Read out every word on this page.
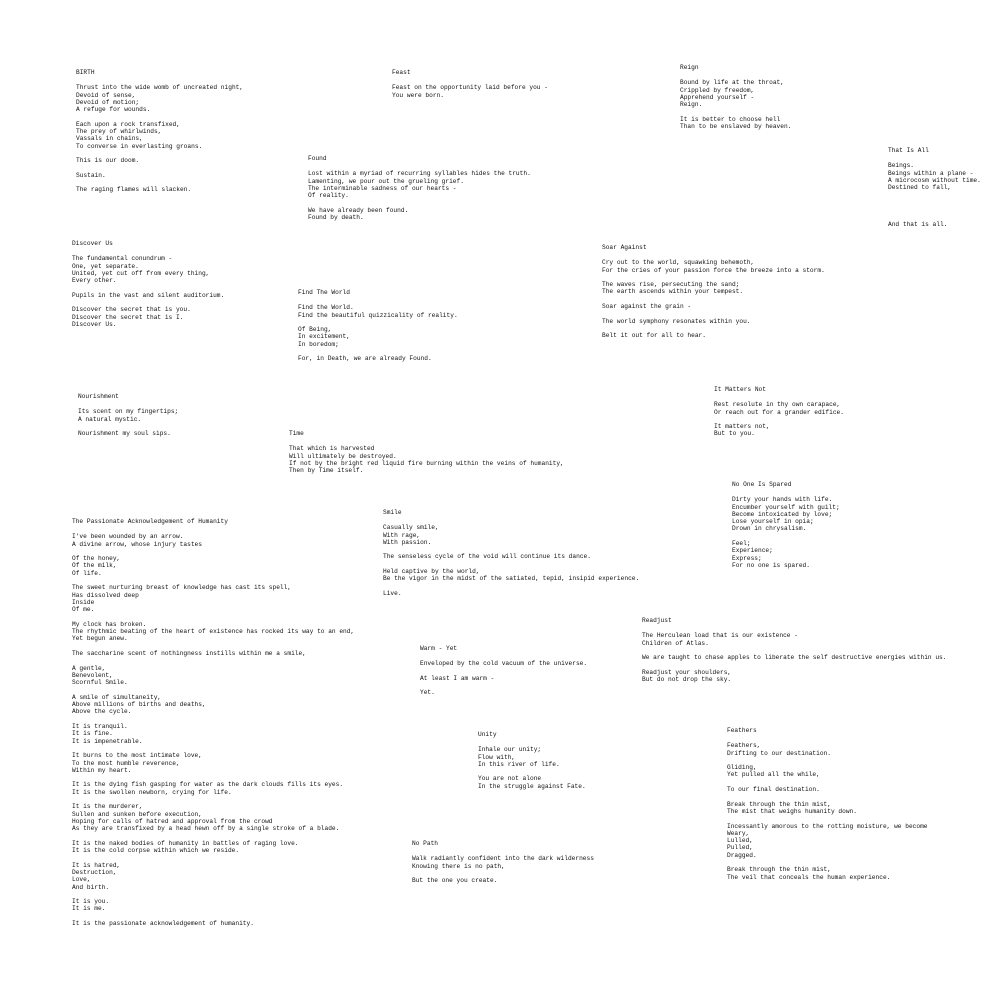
BIRTH
Thrust into the wide womb of uncreated night,
Devoid of sense,
Devoid of motion;
A refuge for wounds.
Each upon a rock transfixed,
The prey of whirlwinds,
Vassals in chains,
To converse in everlasting groans.
This is our doom.
Sustain.
The raging flames will slacken.
Feast
Feast on the opportunity laid before you -
You were born.
Reign
Bound by life at the throat,
Crippled by freedom,
Apprehend yourself -
Reign.
It is better to choose hell
Than to be enslaved by heaven.
That Is All
Beings.
Beings within a plane -
A microcosm without time.
Destined to fall,

And that is all.
Found
Lost within a myriad of recurring syllables hides the truth.
Lamenting, we pour out the grueling grief.
The interminable sadness of our hearts -
Of reality.
We have already been found.
Found by death.
Discover Us
The fundamental conundrum -
One, yet separate.
United, yet cut off from every thing,
Every other.
Pupils in the vast and silent auditorium.
Discover the secret that is you.
Discover the secret that is I.
Discover Us.
Soar Against
Cry out to the world, squawking behemoth,
For the cries of your passion force the breeze into a storm.
The waves rise, persecuting the sand;
The earth ascends within your tempest.
Soar against the grain -
The world symphony resonates within you.
Belt it out for all to hear.
Find The World
Find the World.
Find the beautiful quizzicality of reality.
Of Being,
In excitement,
In boredom;
For, in Death, we are already Found.
Nourishment
Its scent on my fingertips;
A natural mystic.
Nourishment my soul sips.
It Matters Not
Rest resolute in thy own carapace,
Or reach out for a grander edifice.
It matters not,
But to you.
Time
That which is harvested
Will ultimately be destroyed.
If not by the bright red liquid fire burning within the veins of humanity,
Then by Time itself.
No One Is Spared
Dirty your hands with life.
Encumber yourself with guilt;
Become intoxicated by love;
Lose yourself in opia;
Drown in chrysalism.
Feel;
Experience;
Express;
For no one is spared.
The Passionate Acknowledgement of Humanity
I've been wounded by an arrow.
A divine arrow, whose injury tastes
Of the honey,
Of the milk,
Of life.
The sweet nurturing breast of knowledge has cast its spell,
Has dissolved deep
Inside
Of me.
My clock has broken.
The rhythmic beating of the heart of existence has rocked its way to an end,
Yet begun anew.
The saccharine scent of nothingness instills within me a smile,
A gentle,
Benevolent,
Scornful Smile.
A smile of simultaneity,
Above millions of births and deaths,
Above the cycle.
It is tranquil.
It is fine.
It is impenetrable.
It burns to the most intimate love,
To the most humble reverence,
Within my heart.
It is the dying fish gasping for water as the dark clouds fills its eyes.
It is the swollen newborn, crying for life.
It is the murderer,
Sullen and sunken before execution,
Hoping for calls of hatred and approval from the crowd
As they are transfixed by a head hewn off by a single stroke of a blade.
It is the naked bodies of humanity in battles of raging love.
It is the cold corpse within which we reside.
It is hatred,
Destruction,
Love,
And birth.
It is you.
It is me.
It is the passionate acknowledgement of humanity.
Smile
Casually smile,
With rage,
With passion.
The senseless cycle of the void will continue its dance.
Held captive by the world,
Be the vigor in the midst of the satiated, tepid, insipid experience.
Live.
Readjust
The Herculean load that is our existence -
Children of Atlas.
We are taught to chase apples to liberate the self destructive energies within us.
Readjust your shoulders,
But do not drop the sky.
Warm - Yet
Enveloped by the cold vacuum of the universe.
At least I am warm -
Yet.
Feathers
Feathers,
Drifting to our destination.
Gliding,
Yet pulled all the while,
To our final destination.
Break through the thin mist,
The mist that weighs humanity down.
Incessantly amorous to the rotting moisture, we become
Weary,
Lulled,
Pulled,
Dragged.
Break through the thin mist,
The veil that conceals the human experience.
Unity
Inhale our unity;
Flow with,
In this river of life.
You are not alone
In the struggle against Fate.
No Path
Walk radiantly confident into the dark wilderness
Knowing there is no path,
But the one you create.
